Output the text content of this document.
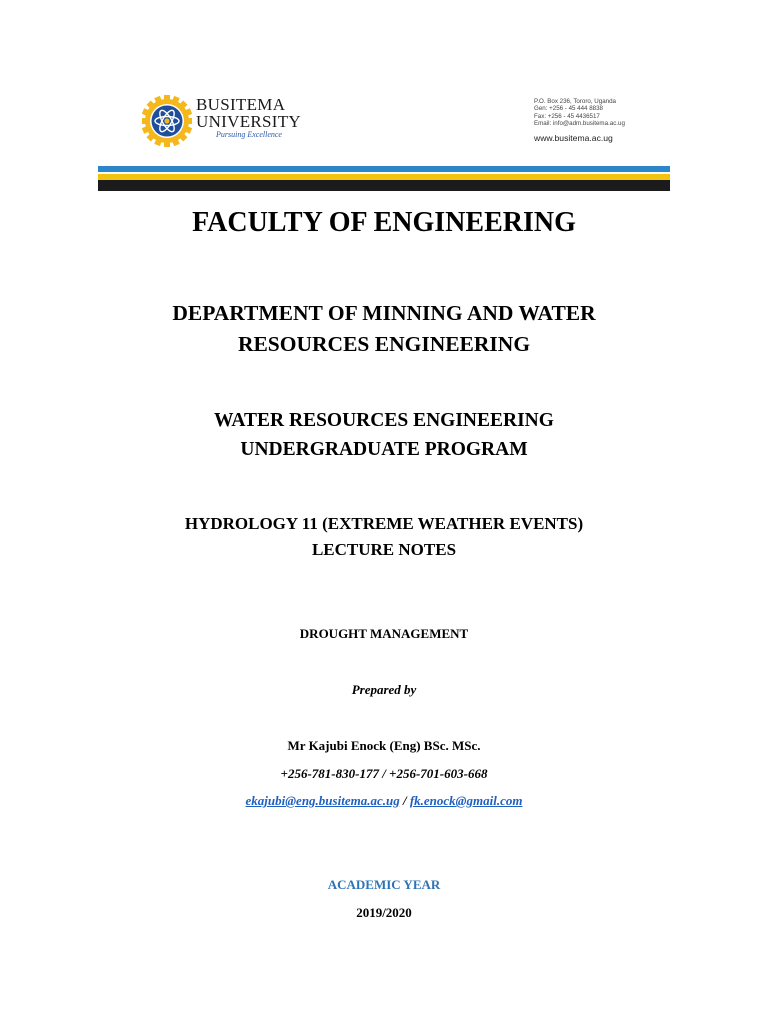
BUSITEMA
UNIVERSITY
Pursuing Excellence
P.O. Box 236, Tororo, Uganda
Gen: +256 - 45 444 8838
Fax: +256 - 45 4436517
Email: info@adm.busitema.ac.ug
www.busitema.ac.ug
FACULTY OF ENGINEERING
DEPARTMENT OF MINNING AND WATER
RESOURCES ENGINEERING
WATER RESOURCES ENGINEERING
UNDERGRADUATE PROGRAM
HYDROLOGY 11 (EXTREME WEATHER EVENTS)
LECTURE NOTES
DROUGHT MANAGEMENT
Prepared by
Mr Kajubi Enock (Eng) BSc. MSc.
+256-781-830-177 / +256-701-603-668
ekajubi@eng.busitema.ac.ug / fk.enock@gmail.com
ACADEMIC YEAR
2019/2020
